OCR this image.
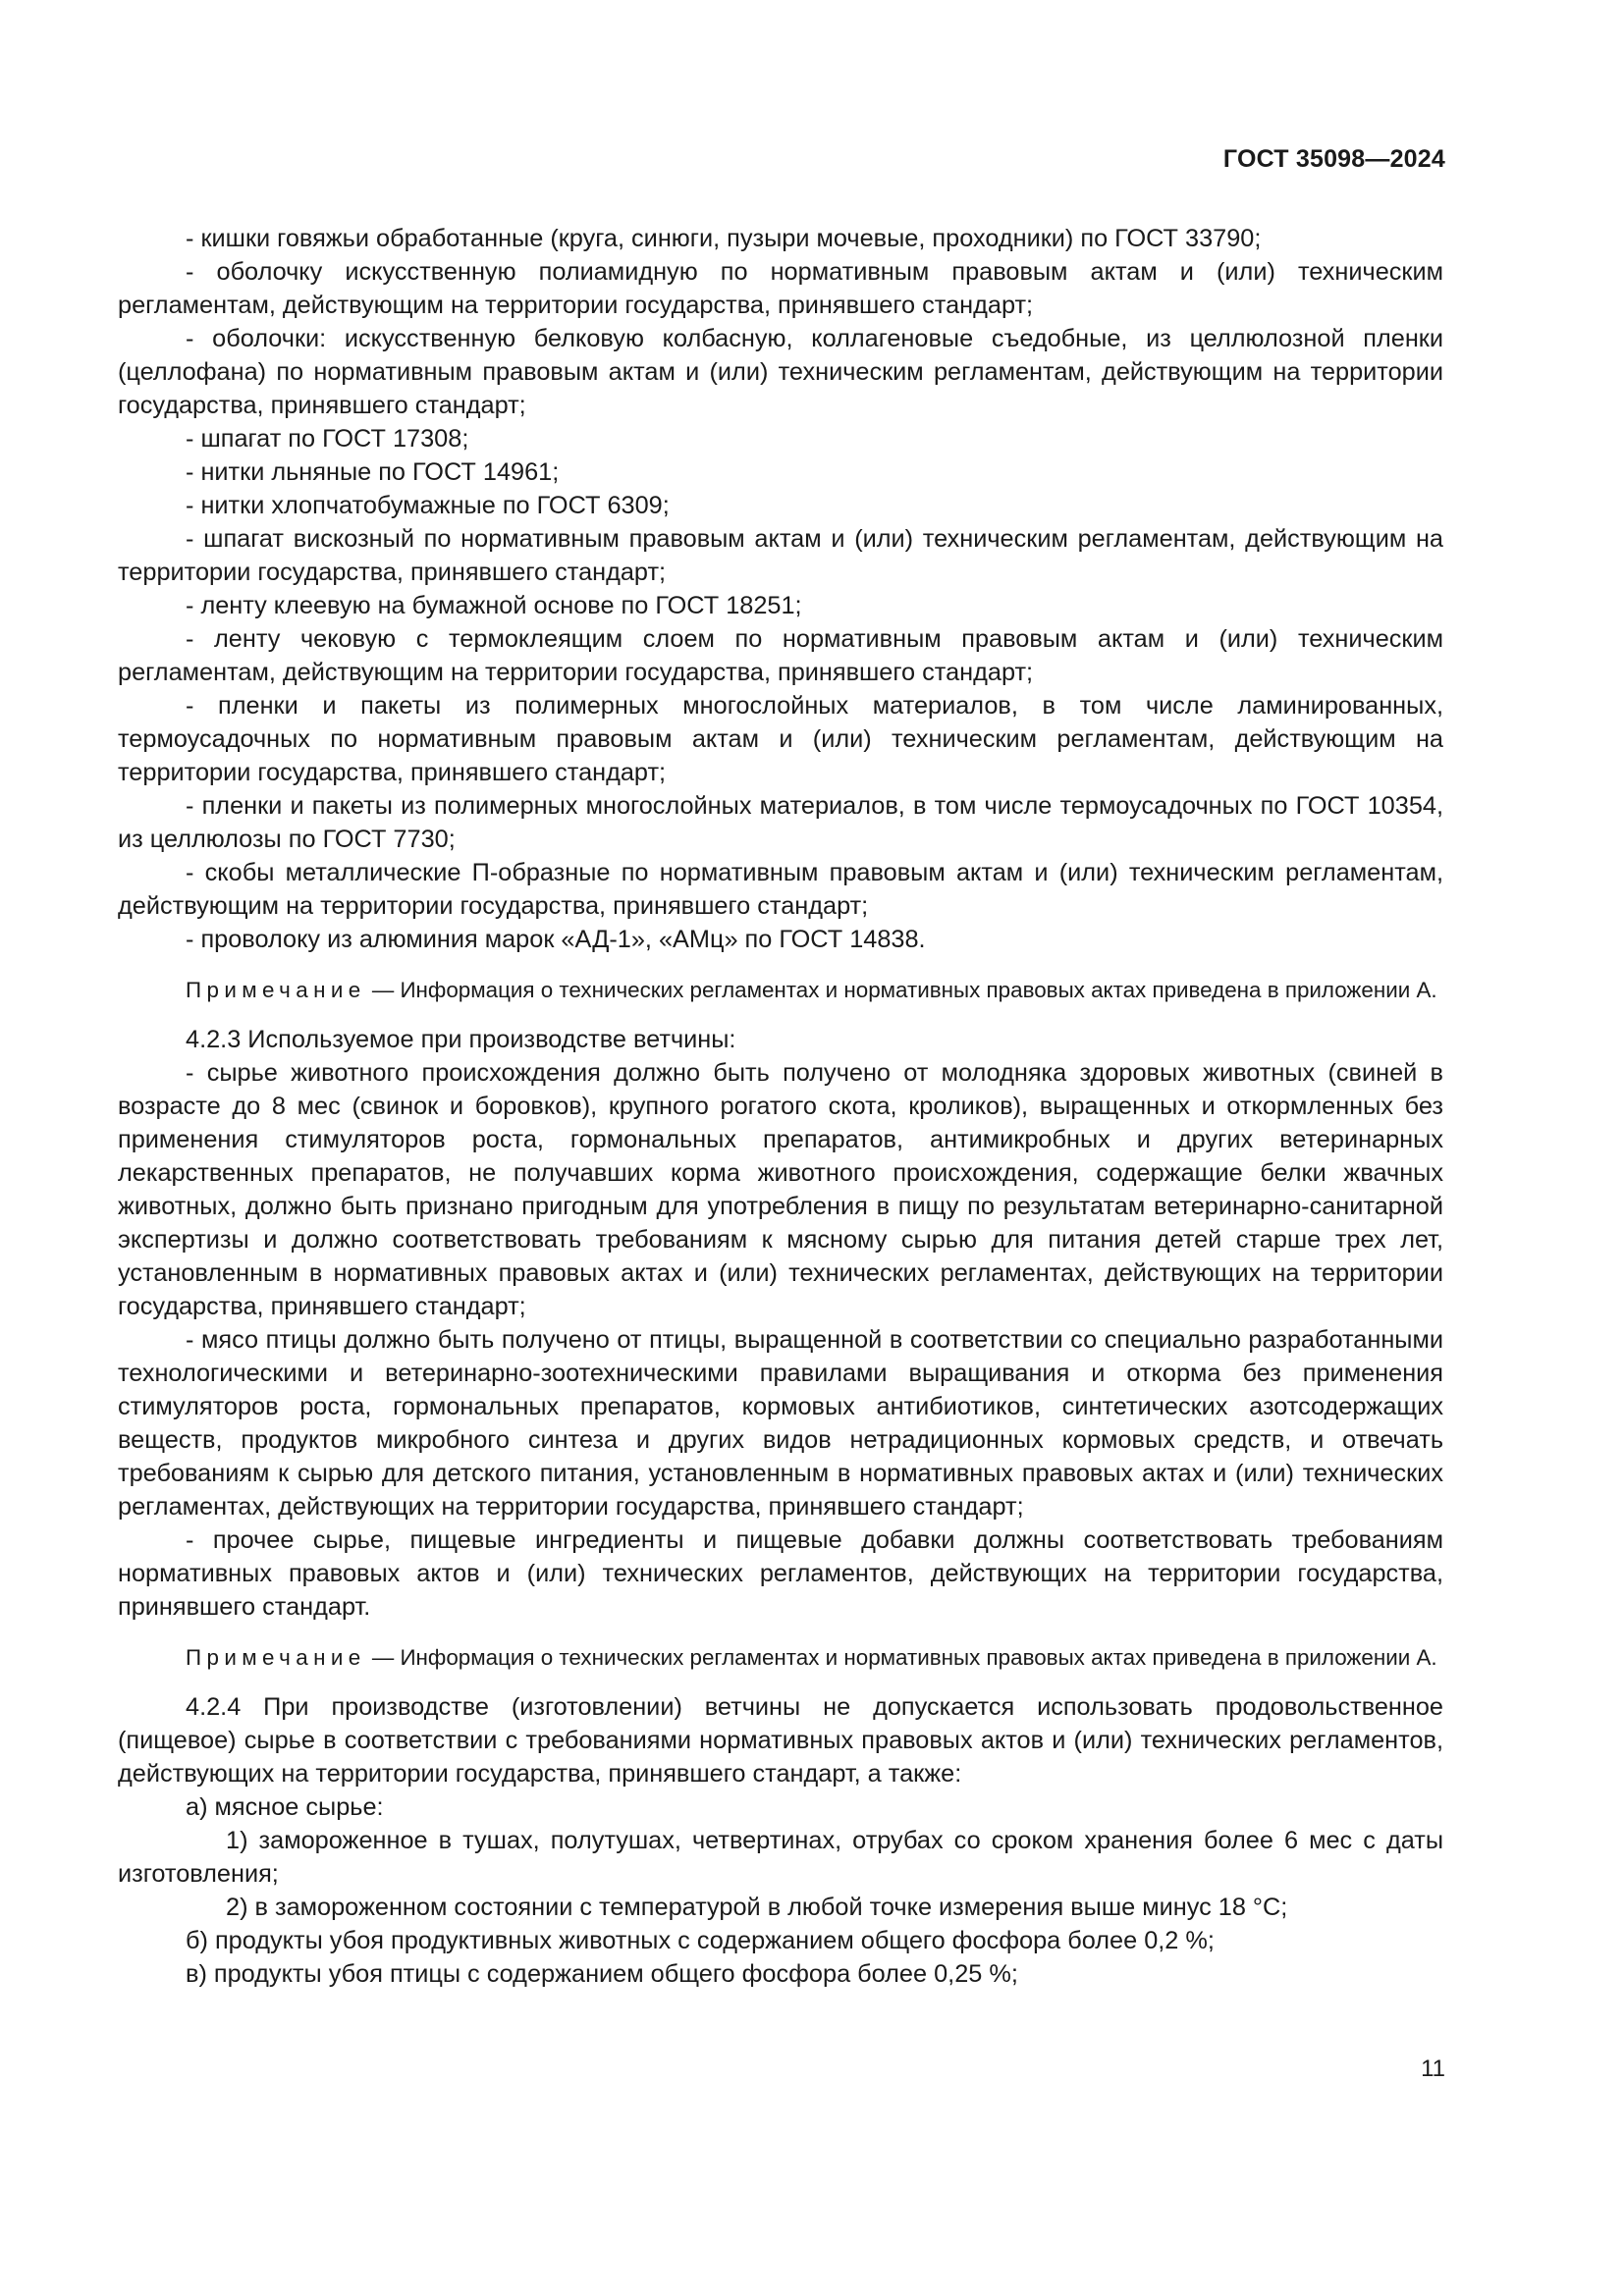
ГОСТ 35098—2024

- кишки говяжьи обработанные (круга, синюги, пузыри мочевые, проходники) по ГОСТ 33790;

- оболочку искусственную полиамидную по нормативным правовым актам и (или) техническим регламентам, действующим на территории государства, принявшего стандарт;

- оболочки: искусственную белковую колбасную, коллагеновые съедобные, из целлюлозной пленки (целлофана) по нормативным правовым актам и (или) техническим регламентам, действующим на территории государства, принявшего стандарт;

- шпагат по ГОСТ 17308;

- нитки льняные по ГОСТ 14961;

- нитки хлопчатобумажные по ГОСТ 6309;

- шпагат вискозный по нормативным правовым актам и (или) техническим регламентам, действующим на территории государства, принявшего стандарт;

- ленту клеевую на бумажной основе по ГОСТ 18251;

- ленту чековую с термоклеящим слоем по нормативным правовым актам и (или) техническим регламентам, действующим на территории государства, принявшего стандарт;

- пленки и пакеты из полимерных многослойных материалов, в том числе ламинированных, термоусадочных по нормативным правовым актам и (или) техническим регламентам, действующим на территории государства, принявшего стандарт;

- пленки и пакеты из полимерных многослойных материалов, в том числе термоусадочных по ГОСТ 10354, из целлюлозы по ГОСТ 7730;

- скобы металлические П-образные по нормативным правовым актам и (или) техническим регламентам, действующим на территории государства, принявшего стандарт;

- проволоку из алюминия марок «АД-1», «АМц» по ГОСТ 14838.

Примечание — Информация о технических регламентах и нормативных правовых актах приведена в приложении А.

4.2.3 Используемое при производстве ветчины:

- сырье животного происхождения должно быть получено от молодняка здоровых животных (свиней в возрасте до 8 мес (свинок и боровков), крупного рогатого скота, кроликов), выращенных и откормленных без применения стимуляторов роста, гормональных препаратов, антимикробных и других ветеринарных лекарственных препаратов, не получавших корма животного происхождения, содержащие белки жвачных животных, должно быть признано пригодным для употребления в пищу по результатам ветеринарно-санитарной экспертизы и должно соответствовать требованиям к мясному сырью для питания детей старше трех лет, установленным в нормативных правовых актах и (или) технических регламентах, действующих на территории государства, принявшего стандарт;

- мясо птицы должно быть получено от птицы, выращенной в соответствии со специально разработанными технологическими и ветеринарно-зоотехническими правилами выращивания и откорма без применения стимуляторов роста, гормональных препаратов, кормовых антибиотиков, синтетических азотсодержащих веществ, продуктов микробного синтеза и других видов нетрадиционных кормовых средств, и отвечать требованиям к сырью для детского питания, установленным в нормативных правовых актах и (или) технических регламентах, действующих на территории государства, принявшего стандарт;

- прочее сырье, пищевые ингредиенты и пищевые добавки должны соответствовать требованиям нормативных правовых актов и (или) технических регламентов, действующих на территории государства, принявшего стандарт.

Примечание — Информация о технических регламентах и нормативных правовых актах приведена в приложении А.

4.2.4 При производстве (изготовлении) ветчины не допускается использовать продовольственное (пищевое) сырье в соответствии с требованиями нормативных правовых актов и (или) технических регламентов, действующих на территории государства, принявшего стандарт, а также:

а) мясное сырье:

1) замороженное в тушах, полутушах, четвертинах, отрубах со сроком хранения более 6 мес с даты изготовления;

2) в замороженном состоянии с температурой в любой точке измерения выше минус 18 °С;

б) продукты убоя продуктивных животных с содержанием общего фосфора более 0,2 %;

в) продукты убоя птицы с содержанием общего фосфора более 0,25 %;

11
